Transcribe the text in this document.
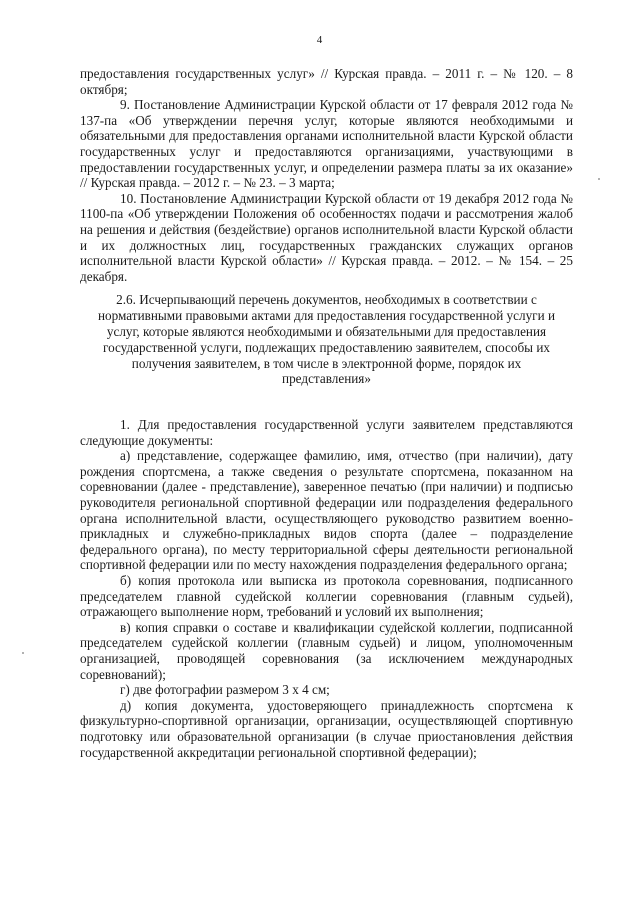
4

предоставления государственных услуг» // Курская правда. – 2011 г. – № 120. – 8 октября;

9. Постановление Администрации Курской области от 17 февраля 2012 года № 137-па «Об утверждении перечня услуг, которые являются необходимыми и обязательными для предоставления органами исполнительной власти Курской области государственных услуг и предоставляются организациями, участвующими в предоставлении государственных услуг, и определении размера платы за их оказание» // Курская правда. – 2012 г. – № 23. – 3 марта;

10. Постановление Администрации Курской области от 19 декабря 2012 года № 1100-па «Об утверждении Положения об особенностях подачи и рассмотрения жалоб на решения и действия (бездействие) органов исполнительной власти Курской области и их должностных лиц, государственных гражданских служащих органов исполнительной власти Курской области» // Курская правда. – 2012. – № 154. – 25 декабря.

2.6. Исчерпывающий перечень документов, необходимых в соответствии с нормативными правовыми актами для предоставления государственной услуги и услуг, которые являются необходимыми и обязательными для предоставления государственной услуги, подлежащих предоставлению заявителем, способы их получения заявителем, в том числе в электронной форме, порядок их представления»

1. Для предоставления государственной услуги заявителем представляются следующие документы:

а) представление, содержащее фамилию, имя, отчество (при наличии), дату рождения спортсмена, а также сведения о результате спортсмена, показанном на соревновании (далее - представление), заверенное печатью (при наличии) и подписью руководителя региональной спортивной федерации или подразделения федерального органа исполнительной власти, осуществляющего руководство развитием военно-прикладных и служебно-прикладных видов спорта (далее – подразделение федерального органа), по месту территориальной сферы деятельности региональной спортивной федерации или по месту нахождения подразделения федерального органа;

б) копия протокола или выписка из протокола соревнования, подписанного председателем главной судейской коллегии соревнования (главным судьей), отражающего выполнение норм, требований и условий их выполнения;

в) копия справки о составе и квалификации судейской коллегии, подписанной председателем судейской коллегии (главным судьей) и лицом, уполномоченным организацией, проводящей соревнования (за исключением международных соревнований);

г) две фотографии размером 3 х 4 см;

д) копия документа, удостоверяющего принадлежность спортсмена к физкультурно-спортивной организации, организации, осуществляющей спортивную подготовку или образовательной организации (в случае приостановления действия государственной аккредитации региональной спортивной федерации);
